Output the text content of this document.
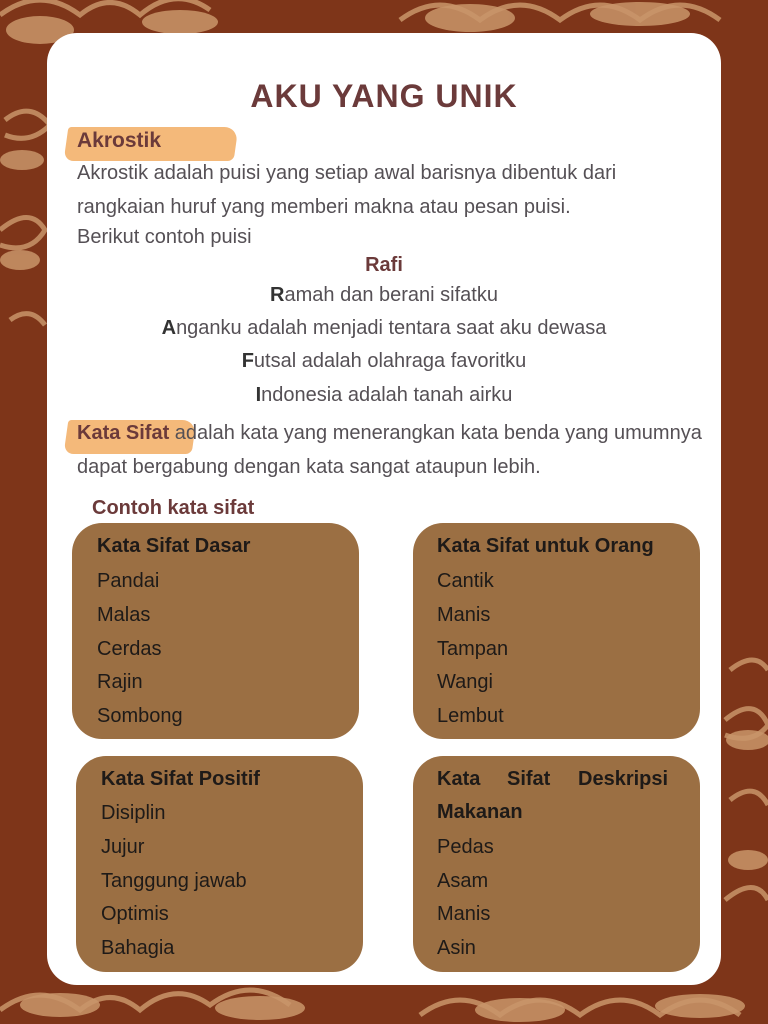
AKU YANG UNIK
Akrostik

Akrostik adalah puisi yang setiap awal barisnya dibentuk dari

rangkaian huruf yang memberi makna atau pesan puisi.

Berikut contoh puisi

Rafi
Ramah dan berani sifatku
Anganku adalah menjadi tentara saat aku dewasa
Futsal adalah olahraga favoritku
Indonesia adalah tanah airku

Kata Sifat adalah kata yang menerangkan kata benda yang umumnya

dapat bergabung dengan kata sangat ataupun lebih.

Contoh kata sifat
Kata Sifat Dasar
Pandai
Malas
Cerdas
Rajin
Sombong
Kata Sifat untuk Orang
Cantik
Manis
Tampan
Wangi
Lembut
Kata Sifat Positif
Disiplin
Jujur
Tanggung jawab
Optimis
Bahagia
Kata Sifat Deskripsi
Makanan
Pedas
Asam
Manis
Asin
